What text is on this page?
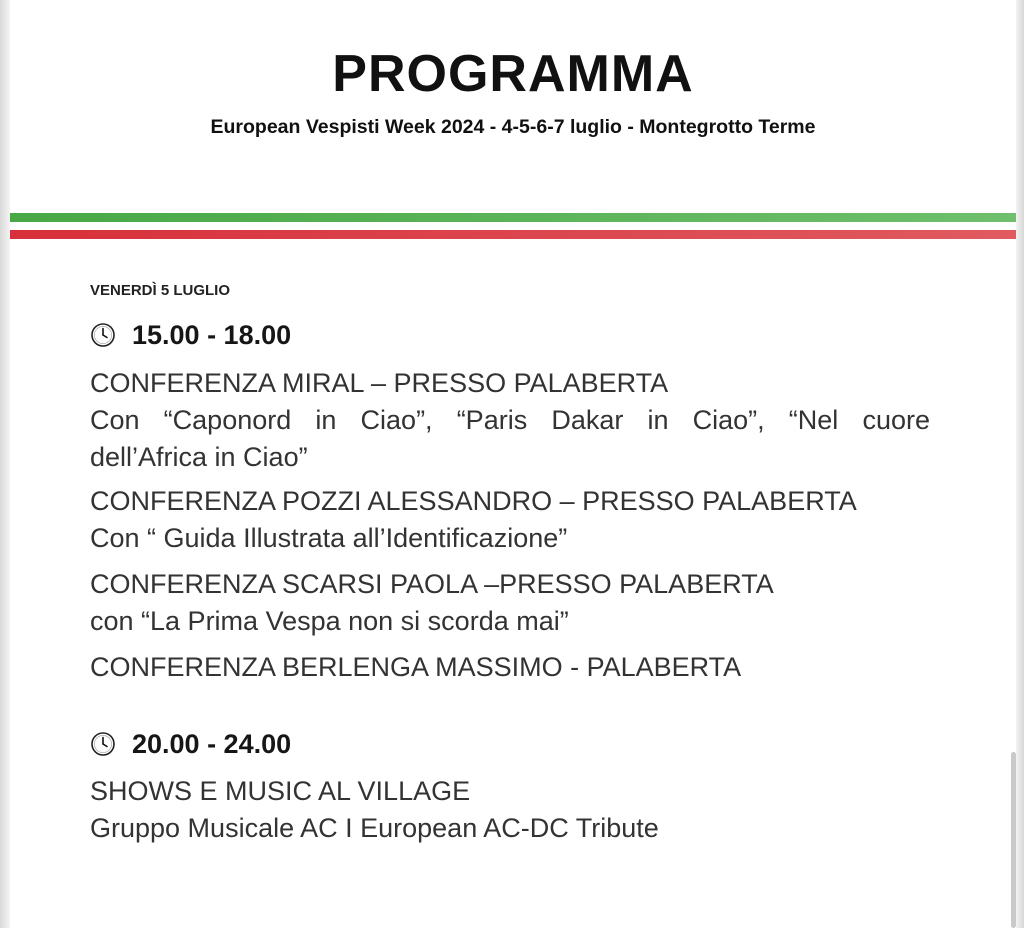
PROGRAMMA
European Vespisti Week 2024 - 4-5-6-7 luglio - Montegrotto Terme
VENERDÌ 5 LUGLIO
15.00 - 18.00
CONFERENZA MIRAL – PRESSO PALABERTA
Con “Caponord in Ciao”, “Paris Dakar in Ciao”, “Nel cuore
dell’Africa in Ciao”
CONFERENZA POZZI ALESSANDRO – PRESSO PALABERTA
Con “ Guida Illustrata all’Identificazione”
CONFERENZA SCARSI PAOLA –PRESSO PALABERTA
con “La Prima Vespa non si scorda mai”
CONFERENZA BERLENGA MASSIMO - PALABERTA
20.00 - 24.00
SHOWS E MUSIC AL VILLAGE
Gruppo Musicale AC I European AC-DC Tribute
